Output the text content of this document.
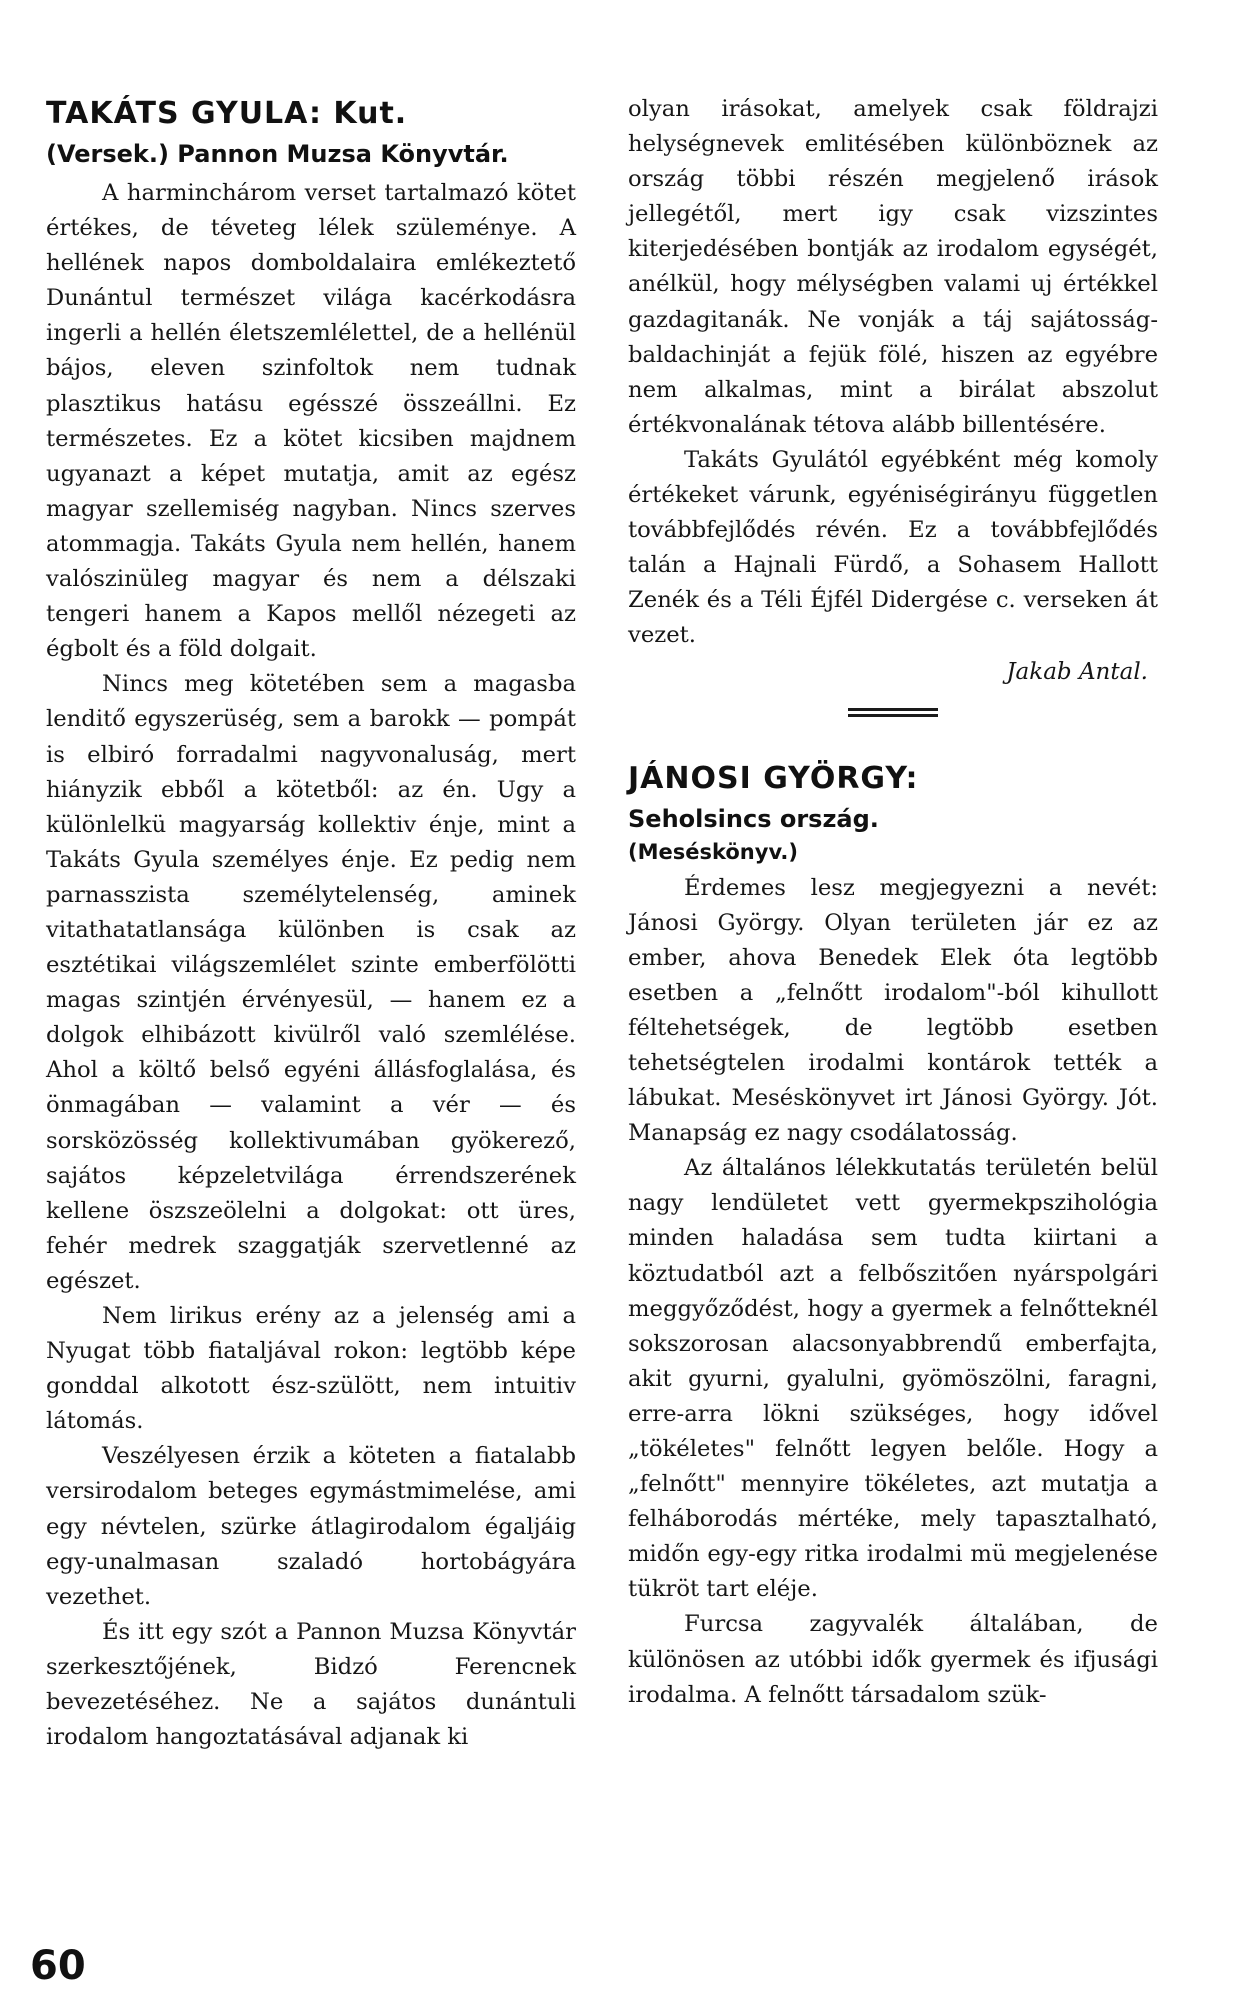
TAKÁTS GYULA: Kut.
(Versek.) Pannon Muzsa Könyvtár.

A harminchárom verset tartalmazó kötet értékes, de téveteg lélek szüleménye. A hellének napos domboldalaira emlékeztető Dunántul természet világa kacérkodásra ingerli a hellén életszemlélettel, de a hellénül bájos, eleven szinfoltok nem tudnak plasztikus hatásu egésszé összeállni. Ez természetes. Ez a kötet kicsiben majdnem ugyanazt a képet mutatja, amit az egész magyar szellemiség nagyban. Nincs szerves atommagja. Takáts Gyula nem hellén, hanem valószinüleg magyar és nem a délszaki tengeri hanem a Kapos mellől nézegeti az égbolt és a föld dolgait.

Nincs meg kötetében sem a magasba lenditő egyszerüség, sem a barokk — pompát is elbiró forradalmi nagyvonaluság, mert hiányzik ebből a kötetből: az én. Ugy a különlelkü magyarság kollektiv énje, mint a Takáts Gyula személyes énje. Ez pedig nem parnasszista személytelenség, aminek vitathatatlansága különben is csak az esztétikai világszemlélet szinte emberfölötti magas szintjén érvényesül, — hanem ez a dolgok elhibázott kivülről való szemlélése. Ahol a költő belső egyéni állásfoglalása, és önmagában — valamint a vér — és sorsközösség kollektivumában gyökerező, sajátos képzeletvilága érrendszerének kellene öszszeölelni a dolgokat: ott üres, fehér medrek szaggatják szervetlenné az egészet.

Nem lirikus erény az a jelenség ami a Nyugat több fiataljával rokon: legtöbb képe gonddal alkotott ész-szülött, nem intuitiv látomás.

Veszélyesen érzik a köteten a fiatalabb versirodalom beteges egymástmimelése, ami egy névtelen, szürke átlagirodalom égaljáig egy-unalmasan szaladó hortobágyára vezethet.

És itt egy szót a Pannon Muzsa Könyvtár szerkesztőjének, Bidzó Ferencnek bevezetéséhez. Ne a sajátos dunántuli irodalom hangoztatásával adjanak ki

olyan irásokat, amelyek csak földrajzi helységnevek emlitésében különböznek az ország többi részén megjelenő irások jellegétől, mert igy csak vizszintes kiterjedésében bontják az irodalom egységét, anélkül, hogy mélységben valami uj értékkel gazdagitanák. Ne vonják a táj sajátosság-baldachinját a fejük fölé, hiszen az egyébre nem alkalmas, mint a birálat abszolut értékvonalának tétova alább billentésére.

Takáts Gyulától egyébként még komoly értékeket várunk, egyéniségirányu független továbbfejlődés révén. Ez a továbbfejlődés talán a Hajnali Fürdő, a Sohasem Hallott Zenék és a Téli Éjfél Didergése c. verseken át vezet.

Jakab Antal.

JÁNOSI GYÖRGY:
Seholsincs ország.
(Meséskönyv.)

Érdemes lesz megjegyezni a nevét: Jánosi György. Olyan területen jár ez az ember, ahova Benedek Elek óta legtöbb esetben a „felnőtt irodalom"-ból kihullott féltehetségek, de legtöbb esetben tehetségtelen irodalmi kontárok tették a lábukat. Meséskönyvet irt Jánosi György. Jót. Manapság ez nagy csodálatosság.

Az általános lélekkutatás területén belül nagy lendületet vett gyermekpszihológia minden haladása sem tudta kiirtani a köztudatból azt a felbőszitően nyárspolgári meggyőződést, hogy a gyermek a felnőtteknél sokszorosan alacsonyabbrendű emberfajta, akit gyurni, gyalulni, gyömöszölni, faragni, erre-arra lökni szükséges, hogy idővel „tökéletes" felnőtt legyen belőle. Hogy a „felnőtt" mennyire tökéletes, azt mutatja a felháborodás mértéke, mely tapasztalható, midőn egy-egy ritka irodalmi mü megjelenése tükröt tart eléje.

Furcsa zagyvalék általában, de különösen az utóbbi idők gyermek és ifjusági irodalma. A felnőtt társadalom szük-

60
